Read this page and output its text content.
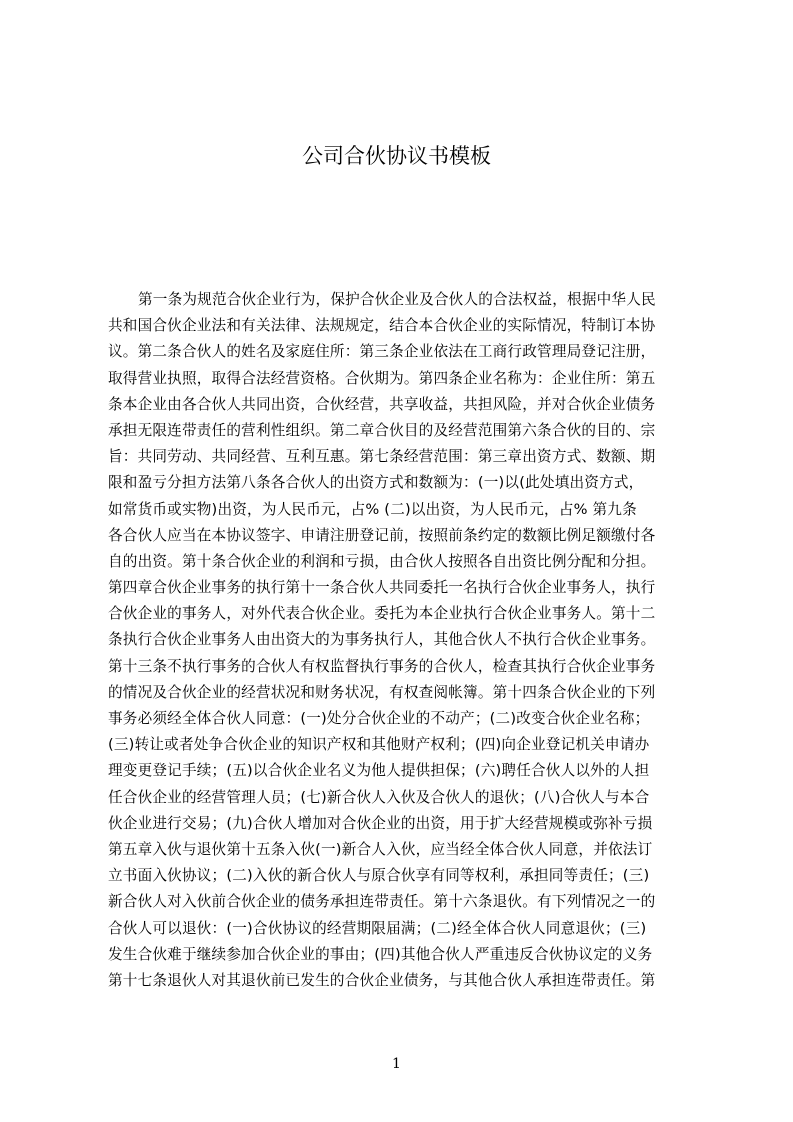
公司合伙协议书模板
第一条为规范合伙企业行为，保护合伙企业及合伙人的合法权益，根据中华人民
共和国合伙企业法和有关法律、法规规定，结合本合伙企业的实际情况，特制订本协
议。第二条合伙人的姓名及家庭住所：第三条企业依法在工商行政管理局登记注册，
取得营业执照，取得合法经营资格。合伙期为。第四条企业名称为：企业住所：第五
条本企业由各合伙人共同出资，合伙经营，共享收益，共担风险，并对合伙企业债务
承担无限连带责任的营利性组织。第二章合伙目的及经营范围第六条合伙的目的、宗
旨：共同劳动、共同经营、互利互惠。第七条经营范围：第三章出资方式、数额、期
限和盈亏分担方法第八条各合伙人的出资方式和数额为：(一)以(此处填出资方式，
如常货币或实物)出资，为人民币元，占% (二)以出资，为人民币元，占% 第九条
各合伙人应当在本协议签字、申请注册登记前，按照前条约定的数额比例足额缴付各
自的出资。第十条合伙企业的利润和亏损，由合伙人按照各自出资比例分配和分担。
第四章合伙企业事务的执行第十一条合伙人共同委托一名执行合伙企业事务人，执行
合伙企业的事务人，对外代表合伙企业。委托为本企业执行合伙企业事务人。第十二
条执行合伙企业事务人由出资大的为事务执行人，其他合伙人不执行合伙企业事务。
第十三条不执行事务的合伙人有权监督执行事务的合伙人，检查其执行合伙企业事务
的情况及合伙企业的经营状况和财务状况，有权查阅帐簿。第十四条合伙企业的下列
事务必须经全体合伙人同意：(一)处分合伙企业的不动产；(二)改变合伙企业名称；
(三)转让或者处争合伙企业的知识产权和其他财产权利；(四)向企业登记机关申请办
理变更登记手续；(五)以合伙企业名义为他人提供担保；(六)聘任合伙人以外的人担
任合伙企业的经营管理人员；(七)新合伙人入伙及合伙人的退伙；(八)合伙人与本合
伙企业进行交易；(九)合伙人增加对合伙企业的出资，用于扩大经营规模或弥补亏损
第五章入伙与退伙第十五条入伙(一)新合人入伙，应当经全体合伙人同意，并依法订
立书面入伙协议；(二)入伙的新合伙人与原合伙享有同等权利，承担同等责任；(三)
新合伙人对入伙前合伙企业的债务承担连带责任。第十六条退伙。有下列情况之一的
合伙人可以退伙：(一)合伙协议的经营期限届满；(二)经全体合伙人同意退伙；(三)
发生合伙难于继续参加合伙企业的事由；(四)其他合伙人严重违反合伙协议定的义务
第十七条退伙人对其退伙前已发生的合伙企业债务，与其他合伙人承担连带责任。第
1
